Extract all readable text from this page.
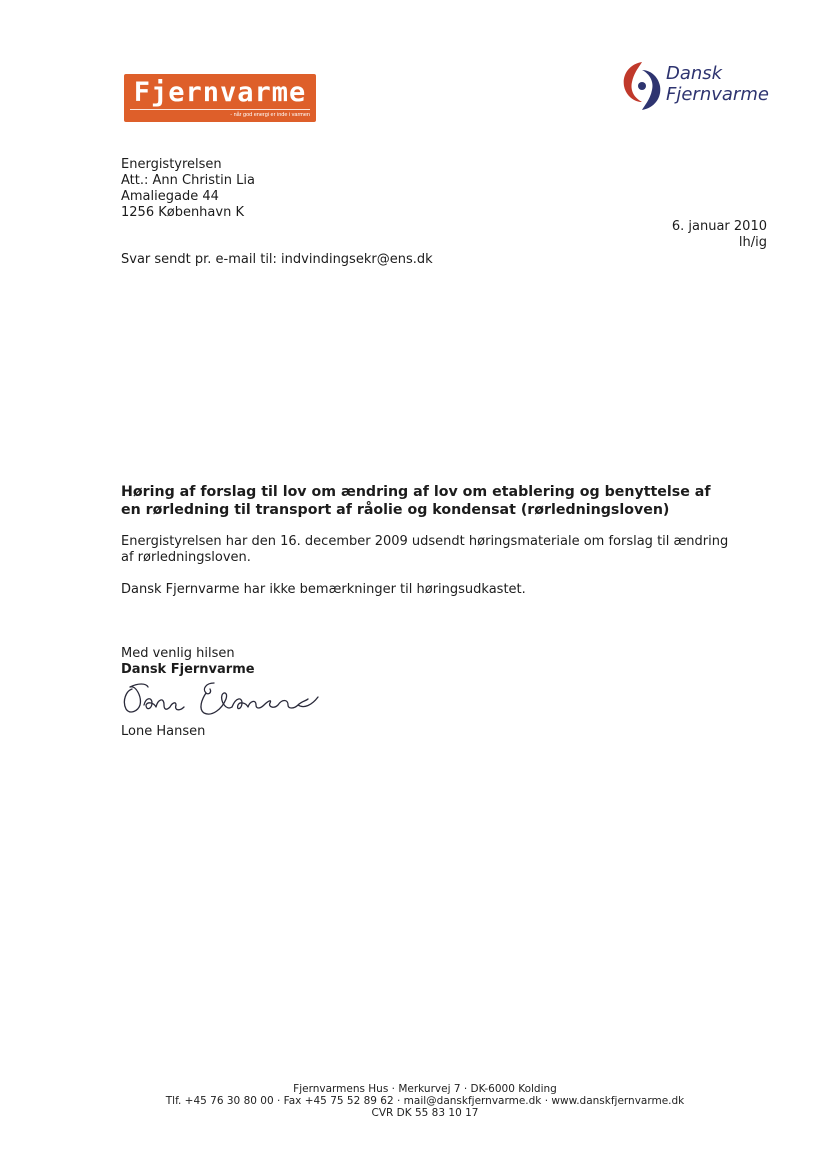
Fjernvarme
- når god energi er inde i varmen
Dansk
Fjernvarme
Energistyrelsen
Att.: Ann Christin Lia
Amaliegade 44
1256 København K
6. januar 2010
lh/ig
Svar sendt pr. e-mail til: indvindingsekr@ens.dk
Høring af forslag til lov om ændring af lov om etablering og benyttelse af
en rørledning til transport af råolie og kondensat (rørledningsloven)
Energistyrelsen har den 16. december 2009 udsendt høringsmateriale om forslag til ændring
af rørledningsloven.
Dansk Fjernvarme har ikke bemærkninger til høringsudkastet.
Med venlig hilsen
Dansk Fjernvarme
Lone Hansen
Fjernvarmens Hus · Merkurvej 7 · DK-6000 Kolding
Tlf. +45 76 30 80 00 · Fax +45 75 52 89 62 · mail@danskfjernvarme.dk · www.danskfjernvarme.dk
CVR DK 55 83 10 17
